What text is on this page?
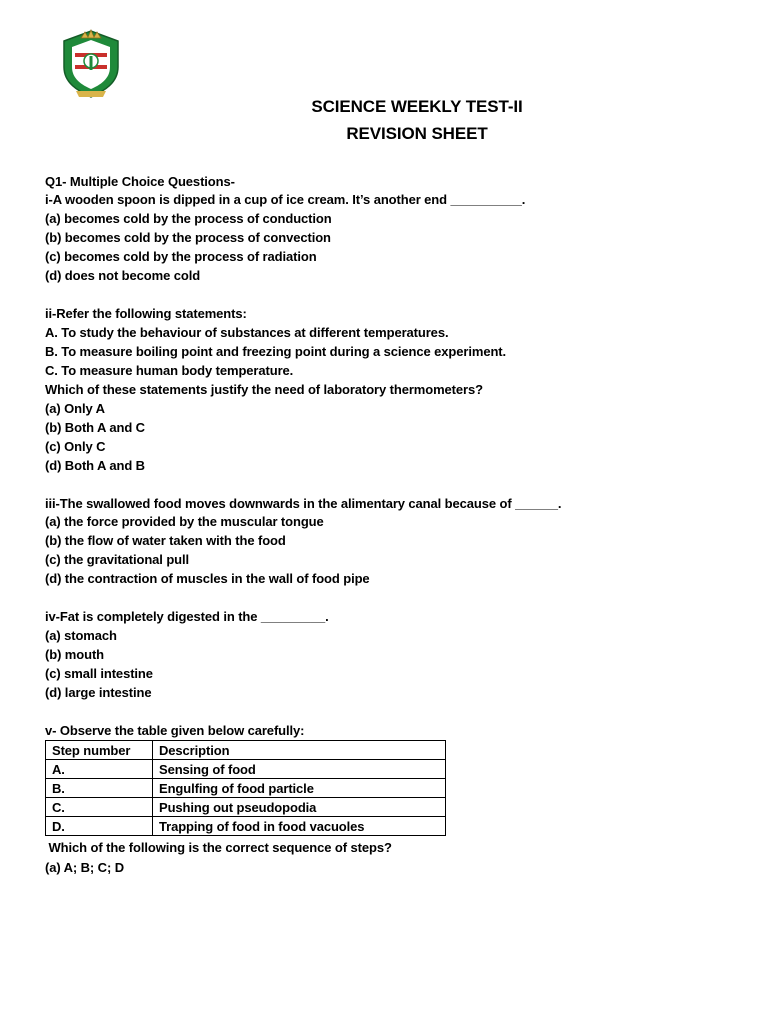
SCIENCE WEEKLY TEST-II
REVISION SHEET
Q1- Multiple Choice Questions-
i-A wooden spoon is dipped in a cup of ice cream. It’s another end __________.
(a) becomes cold by the process of conduction
(b) becomes cold by the process of convection
(c) becomes cold by the process of radiation
(d) does not become cold
ii-Refer the following statements:
A. To study the behaviour of substances at different temperatures.
B. To measure boiling point and freezing point during a science experiment.
C. To measure human body temperature.
Which of these statements justify the need of laboratory thermometers?
(a) Only A
(b) Both A and C
(c) Only C
(d) Both A and B
iii-The swallowed food moves downwards in the alimentary canal because of ______.
(a) the force provided by the muscular tongue
(b) the flow of water taken with the food
(c) the gravitational pull
(d) the contraction of muscles in the wall of food pipe
iv-Fat is completely digested in the _________.
(a) stomach
(b) mouth
(c) small intestine
(d) large intestine
v- Observe the table given below carefully:
Step number	Description
A.	Sensing of food
B.	Engulfing of food particle
C.	Pushing out pseudopodia
D.	Trapping of food in food vacuoles
Which of the following is the correct sequence of steps?
(a) A; B; C; D
